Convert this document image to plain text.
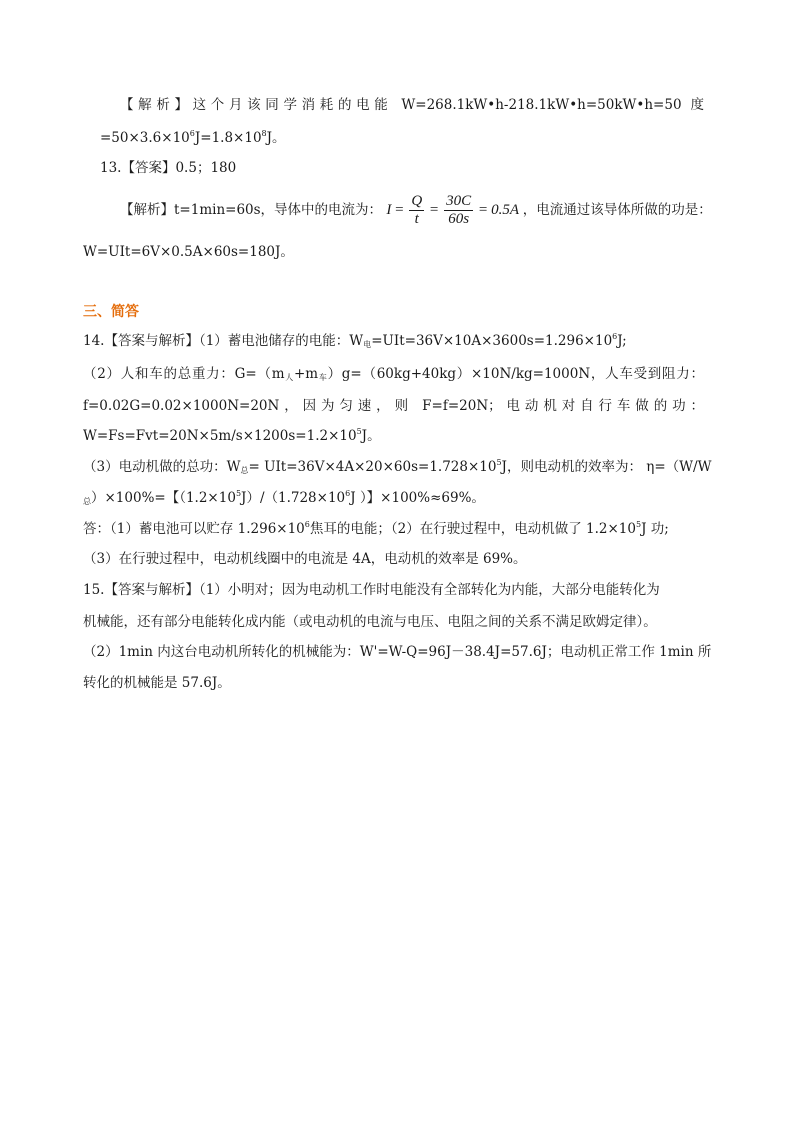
【解析】这个月该同学消耗的电能 W=268.1kW•h-218.1kW•h=50kW•h=50 度
$=50\times 3.6\times 10^6J=1.8\times 10^8J$。
13.【答案】0.5；180
【解析】t=1min=60s，导体中的电流为： $I = \frac{Q}{t} = \frac{30C}{60s} = 0.5A$ ，电流通过该导体所做的功是：
W=UIt=6V×0.5A×60s=180J。
三、简答
14.【答案与解析】（1）蓄电池储存的电能：$W_电=UIt=36V\times 10A\times 3600s=1.296\times 10^6J$;
（2）人和车的总重力：$G=(m_人+m_车)g=(60kg+40kg)\times 10N/kg=1000N$，人车受到阻力：
f=0.02G=0.02×1000N=20N，因为匀速，则 F=f=20N；电动机对自行车做的功：
$W=Fs=Fvt=20N\times 5m/s\times 1200s=1.2\times 10^5J$。
（3）电动机做的总功：$W_总= UIt=36V\times 4A\times 20\times 60s=1.728\times 10^5J$，则电动机的效率为： η=（W/W
$_总$）×100%=【$(1.2\times 10^5J)/(1.728\times 10^6J$ ）】×100%≈69%。
答：（1）蓄电池可以贮存 $1.296\times 10^6$焦耳的电能；（2）在行驶过程中，电动机做了 $1.2\times 10^5J$ 功;
（3）在行驶过程中，电动机线圈中的电流是 4A，电动机的效率是 69%。
15.【答案与解析】（1）小明对；因为电动机工作时电能没有全部转化为内能，大部分电能转化为
机械能，还有部分电能转化成内能（或电动机的电流与电压、电阻之间的关系不满足欧姆定律）。
（2）1min 内这台电动机所转化的机械能为：W'=W-Q=96J－38.4J=57.6J；电动机正常工作 1min 所
转化的机械能是 57.6J。
